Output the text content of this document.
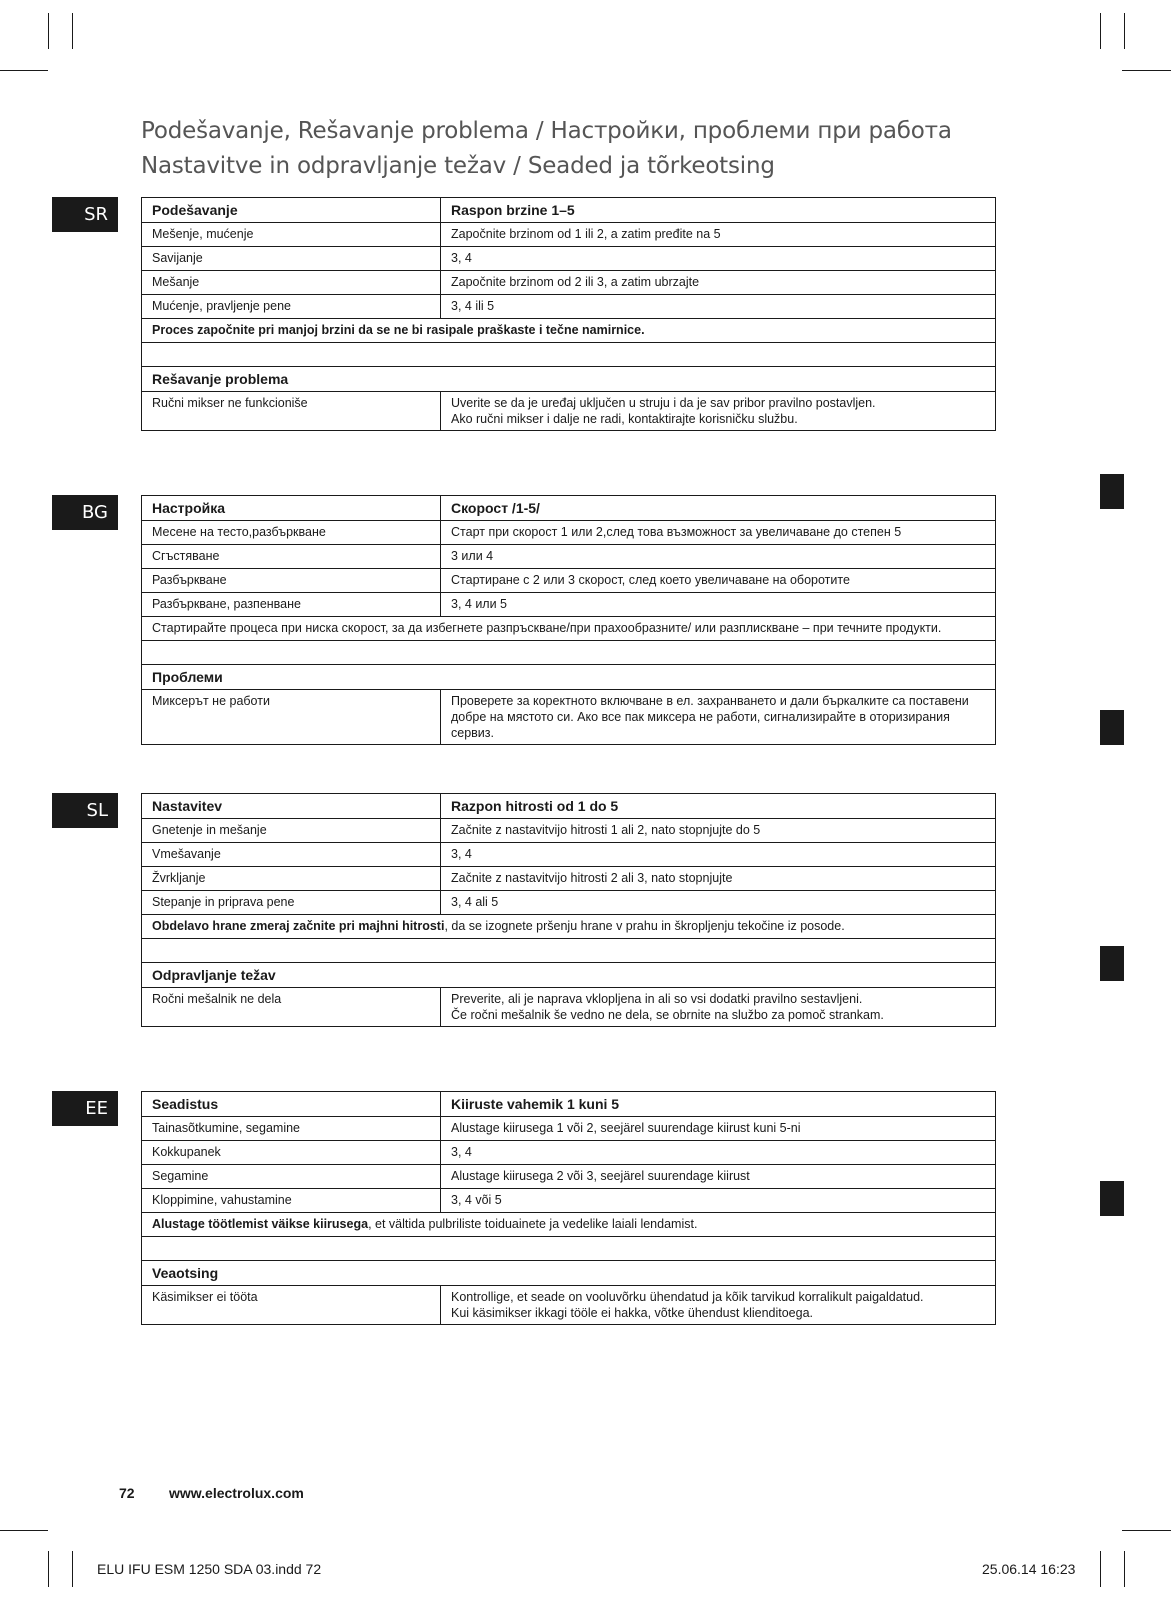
Podešavanje, Rešavanje problema / Настройки, проблеми при работа
Nastavitve in odpravljanje težav / Seaded ja tõrkeotsing
SR	Podešavanje	Raspon brzine 1–5
Mešenje, mućenje	Započnite brzinom od 1 ili 2, a zatim pređite na 5
Savijanje	3, 4
Mešanje	Započnite brzinom od 2 ili 3, a zatim ubrzajte
Mućenje, pravljenje pene	3, 4 ili 5
Proces započnite pri manjoj brzini da se ne bi rasipale praškaste i tečne namirnice.
Rešavanje problema
Ručni mikser ne funkcioniše	Uverite se da je uređaj uključen u struju i da je sav pribor pravilno postavljen.
Ako ručni mikser i dalje ne radi, kontaktirajte korisničku službu.
BG	Настройка	Скорост /1-5/
Месене на тесто,разбъркване	Старт при скорост 1 или 2,след това възможност за увеличаване до степен 5
Сгъстяване	3 или 4
Разбъркване	Стартиране с 2 или 3 скорост, след което увеличаване на оборотите
Разбъркване, разпенване	3, 4 или 5
Стартирайте процеса при ниска скорост, за да избегнете разпръскване/при прахообразните/ или разплискване – при течните продукти.
Проблеми
Миксерът не работи	Проверете за коректното включване в ел. захранването и дали бъркалките са поставени добре на мястото си. Ако все пак миксера не работи, сигнализирайте в оторизирания сервиз.
SL	Nastavitev	Razpon hitrosti od 1 do 5
Gnetenje in mešanje	Začnite z nastavitvijo hitrosti 1 ali 2, nato stopnjujte do 5
Vmešavanje	3, 4
Žvrkljanje	Začnite z nastavitvijo hitrosti 2 ali 3, nato stopnjujte
Stepanje in priprava pene	3, 4 ali 5
Obdelavo hrane zmeraj začnite pri majhni hitrosti, da se izognete pršenju hrane v prahu in škropljenju tekočine iz posode.
Odpravljanje težav
Ročni mešalnik ne dela	Preverite, ali je naprava vklopljena in ali so vsi dodatki pravilno sestavljeni.
Če ročni mešalnik še vedno ne dela, se obrnite na službo za pomoč strankam.
EE	Seadistus	Kiiruste vahemik 1 kuni 5
Tainasõtkumine, segamine	Alustage kiirusega 1 või 2, seejärel suurendage kiirust kuni 5-ni
Kokkupanek	3, 4
Segamine	Alustage kiirusega 2 või 3, seejärel suurendage kiirust
Kloppimine, vahustamine	3, 4 või 5
Alustage töötlemist väikse kiirusega, et vältida pulbriliste toiduainete ja vedelike laiali lendamist.
Veaotsing
Käsimikser ei tööta	Kontrollige, et seade on vooluvõrku ühendatud ja kõik tarvikud korralikult paigaldatud.
Kui käsimikser ikkagi tööle ei hakka, võtke ühendust klienditoega.
72 www.electrolux.com
ELU IFU ESM 1250 SDA 03.indd 72	25.06.14 16:23
